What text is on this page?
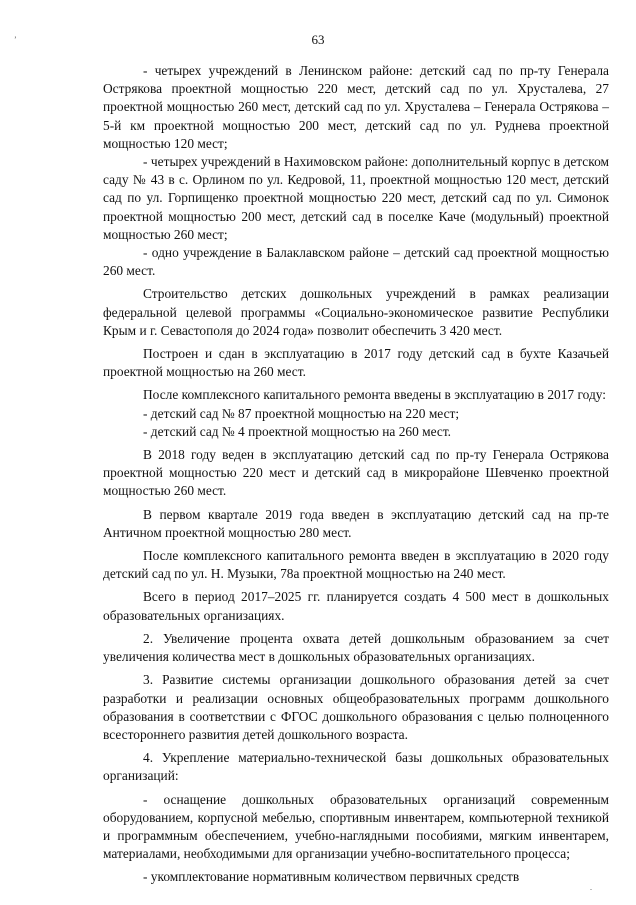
ʼ	63

- четырех учреждений в Ленинском районе: детский сад по пр-ту Генерала Острякова проектной мощностью 220 мест, детский сад по ул. Хрусталева, 27 проектной мощностью 260 мест, детский сад по ул. Хрусталева – Генерала Острякова – 5-й км проектной мощностью 200 мест, детский сад по ул. Руднева проектной мощностью 120 мест;

- четырех учреждений в Нахимовском районе: дополнительный корпус в детском саду № 43 в с. Орлином по ул. Кедровой, 11, проектной мощностью 120 мест, детский сад по ул. Горпищенко проектной мощностью 220 мест, детский сад по ул. Симонок проектной мощностью 200 мест, детский сад в поселке Каче (модульный) проектной мощностью 260 мест;

- одно учреждение в Балаклавском районе – детский сад проектной мощностью 260 мест.

Строительство детских дошкольных учреждений в рамках реализации федеральной целевой программы «Социально-экономическое развитие Республики Крым и г. Севастополя до 2024 года» позволит обеспечить 3 420 мест.

Построен и сдан в эксплуатацию в 2017 году детский сад в бухте Казачьей проектной мощностью на 260 мест.

После комплексного капитального ремонта введены в эксплуатацию в 2017 году:

- детский сад № 87 проектной мощностью на 220 мест;

- детский сад № 4 проектной мощностью на 260 мест.

В 2018 году веден в эксплуатацию детский сад по пр-ту Генерала Острякова проектной мощностью 220 мест и детский сад в микрорайоне Шевченко проектной мощностью 260 мест.

В первом квартале 2019 года введен в эксплуатацию детский сад на пр-те Античном проектной мощностью 280 мест.

После комплексного капитального ремонта введен в эксплуатацию в 2020 году детский сад по ул. Н. Музыки, 78а проектной мощностью на 240 мест.

Всего в период 2017–2025 гг. планируется создать 4 500 мест в дошкольных образовательных организациях.

2. Увеличение процента охвата детей дошкольным образованием за счет увеличения количества мест в дошкольных образовательных организациях.

3. Развитие системы организации дошкольного образования детей за счет разработки и реализации основных общеобразовательных программ дошкольного образования в соответствии с ФГОС дошкольного образования с целью полноценного всестороннего развития детей дошкольного возраста.

4. Укрепление материально-технической базы дошкольных образовательных организаций:

- оснащение дошкольных образовательных организаций современным оборудованием, корпусной мебелью, спортивным инвентарем, компьютерной техникой и программным обеспечением, учебно-наглядными пособиями, мягким инвентарем, материалами, необходимыми для организации учебно-воспитательного процесса;

- укомплектование нормативным количеством первичных средств

.
